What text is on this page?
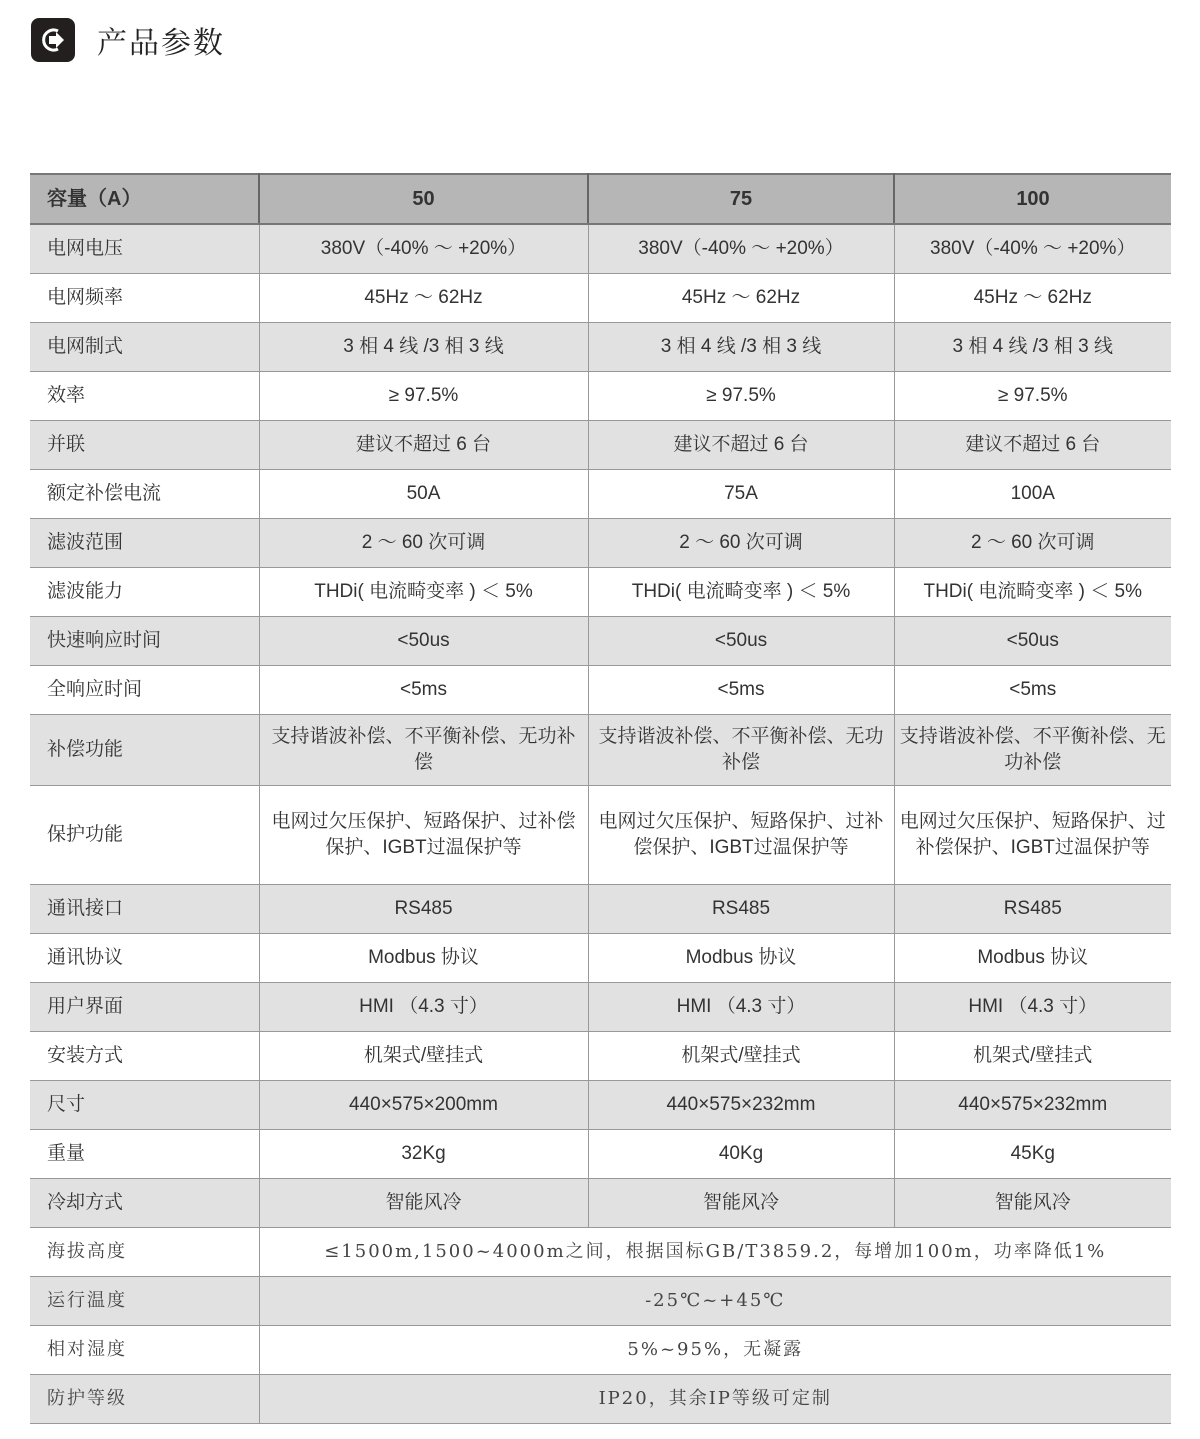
产品参数
容量（A）	50	75	100
电网电压	380V（-40% ～ +20%）	380V（-40% ～ +20%）	380V（-40% ～ +20%）
电网频率	45Hz ～ 62Hz	45Hz ～ 62Hz	45Hz ～ 62Hz
电网制式	3 相 4 线 /3 相 3 线	3 相 4 线 /3 相 3 线	3 相 4 线 /3 相 3 线
效率	≥ 97.5%	≥ 97.5%	≥ 97.5%
并联	建议不超过 6 台	建议不超过 6 台	建议不超过 6 台
额定补偿电流	50A	75A	100A
滤波范围	2 ～ 60 次可调	2 ～ 60 次可调	2 ～ 60 次可调
滤波能力	THDi( 电流畸变率 ) ＜ 5%	THDi( 电流畸变率 ) ＜ 5%	THDi( 电流畸变率 ) ＜ 5%
快速响应时间	<50us	<50us	<50us
全响应时间	<5ms	<5ms	<5ms
补偿功能	支持谐波补偿、不平衡补偿、无功补偿	支持谐波补偿、不平衡补偿、无功补偿	支持谐波补偿、不平衡补偿、无功补偿
保护功能	电网过欠压保护、短路保护、过补偿保护、IGBT过温保护等	电网过欠压保护、短路保护、过补偿保护、IGBT过温保护等	电网过欠压保护、短路保护、过补偿保护、IGBT过温保护等
通讯接口	RS485	RS485	RS485
通讯协议	Modbus 协议	Modbus 协议	Modbus 协议
用户界面	HMI （4.3 寸）	HMI （4.3 寸）	HMI （4.3 寸）
安装方式	机架式/壁挂式	机架式/壁挂式	机架式/壁挂式
尺寸	440×575×200mm	440×575×232mm	440×575×232mm
重量	32Kg	40Kg	45Kg
冷却方式	智能风冷	智能风冷	智能风冷
海拔高度	≤1500m,1500~4000m之间，根据国标GB/T3859.2，每增加100m，功率降低1%		
运行温度	-25℃~+45℃		
相对湿度	5%~95%，无凝露		
防护等级	IP20，其余IP等级可定制		
